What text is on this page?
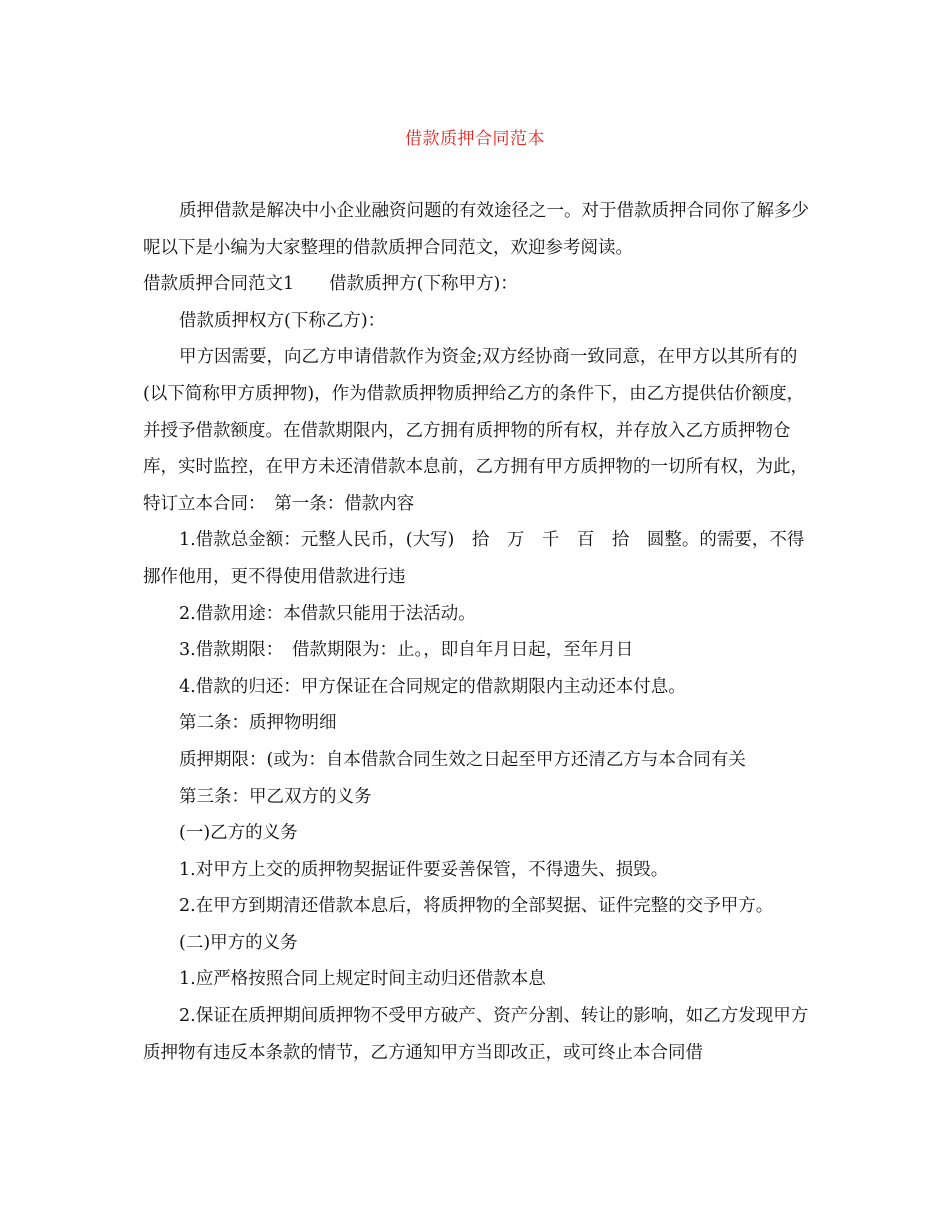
借款质押合同范本

质押借款是解决中小企业融资问题的有效途径之一。对于借款质押合同你了解多少呢以下是小编为大家整理的借款质押合同范文，欢迎参考阅读。

借款质押合同范文1　　借款质押方(下称甲方)：

借款质押权方(下称乙方)：

甲方因需要，向乙方申请借款作为资金;双方经协商一致同意，在甲方以其所有的(以下简称甲方质押物)，作为借款质押物质押给乙方的条件下，由乙方提供估价额度，并授予借款额度。在借款期限内，乙方拥有质押物的所有权，并存放入乙方质押物仓库，实时监控，在甲方未还清借款本息前，乙方拥有甲方质押物的一切所有权，为此，特订立本合同：　第一条：借款内容

1.借款总金额：元整人民币，(大写)　拾　万　千　百　拾　圆整。的需要，不得挪作他用，更不得使用借款进行违

2.借款用途：本借款只能用于法活动。

3.借款期限：　借款期限为：止。，即自年月日起，至年月日

4.借款的归还：甲方保证在合同规定的借款期限内主动还本付息。

第二条：质押物明细

质押期限：(或为：自本借款合同生效之日起至甲方还清乙方与本合同有关

第三条：甲乙双方的义务

(一)乙方的义务

1.对甲方上交的质押物契据证件要妥善保管，不得遗失、损毁。

2.在甲方到期清还借款本息后，将质押物的全部契据、证件完整的交予甲方。

(二)甲方的义务

1.应严格按照合同上规定时间主动归还借款本息

2.保证在质押期间质押物不受甲方破产、资产分割、转让的影响，如乙方发现甲方质押物有违反本条款的情节，乙方通知甲方当即改正，或可终止本合同借
